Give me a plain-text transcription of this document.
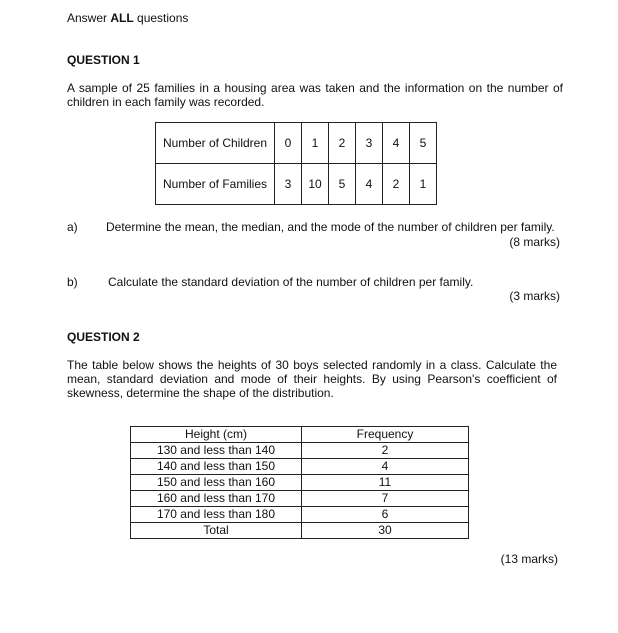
Answer ALL questions
QUESTION 1
A sample of 25 families in a housing area was taken and the information on the number of children in each family was recorded.
Number of Children	0	1	2	3	4	5
Number of Families	3	10	5	4	2	1
a) Determine the mean, the median, and the mode of the number of children per family.
(8 marks)
b)	Calculate the standard deviation of the number of children per family.
(3 marks)
QUESTION 2
The table below shows the heights of 30 boys selected randomly in a class. Calculate the mean, standard deviation and mode of their heights. By using Pearson's coefficient of skewness, determine the shape of the distribution.
Height (cm)	Frequency
130 and less than 140	2
140 and less than 150	4
150 and less than 160	11
160 and less than 170	7
170 and less than 180	6
Total	30
(13 marks)
